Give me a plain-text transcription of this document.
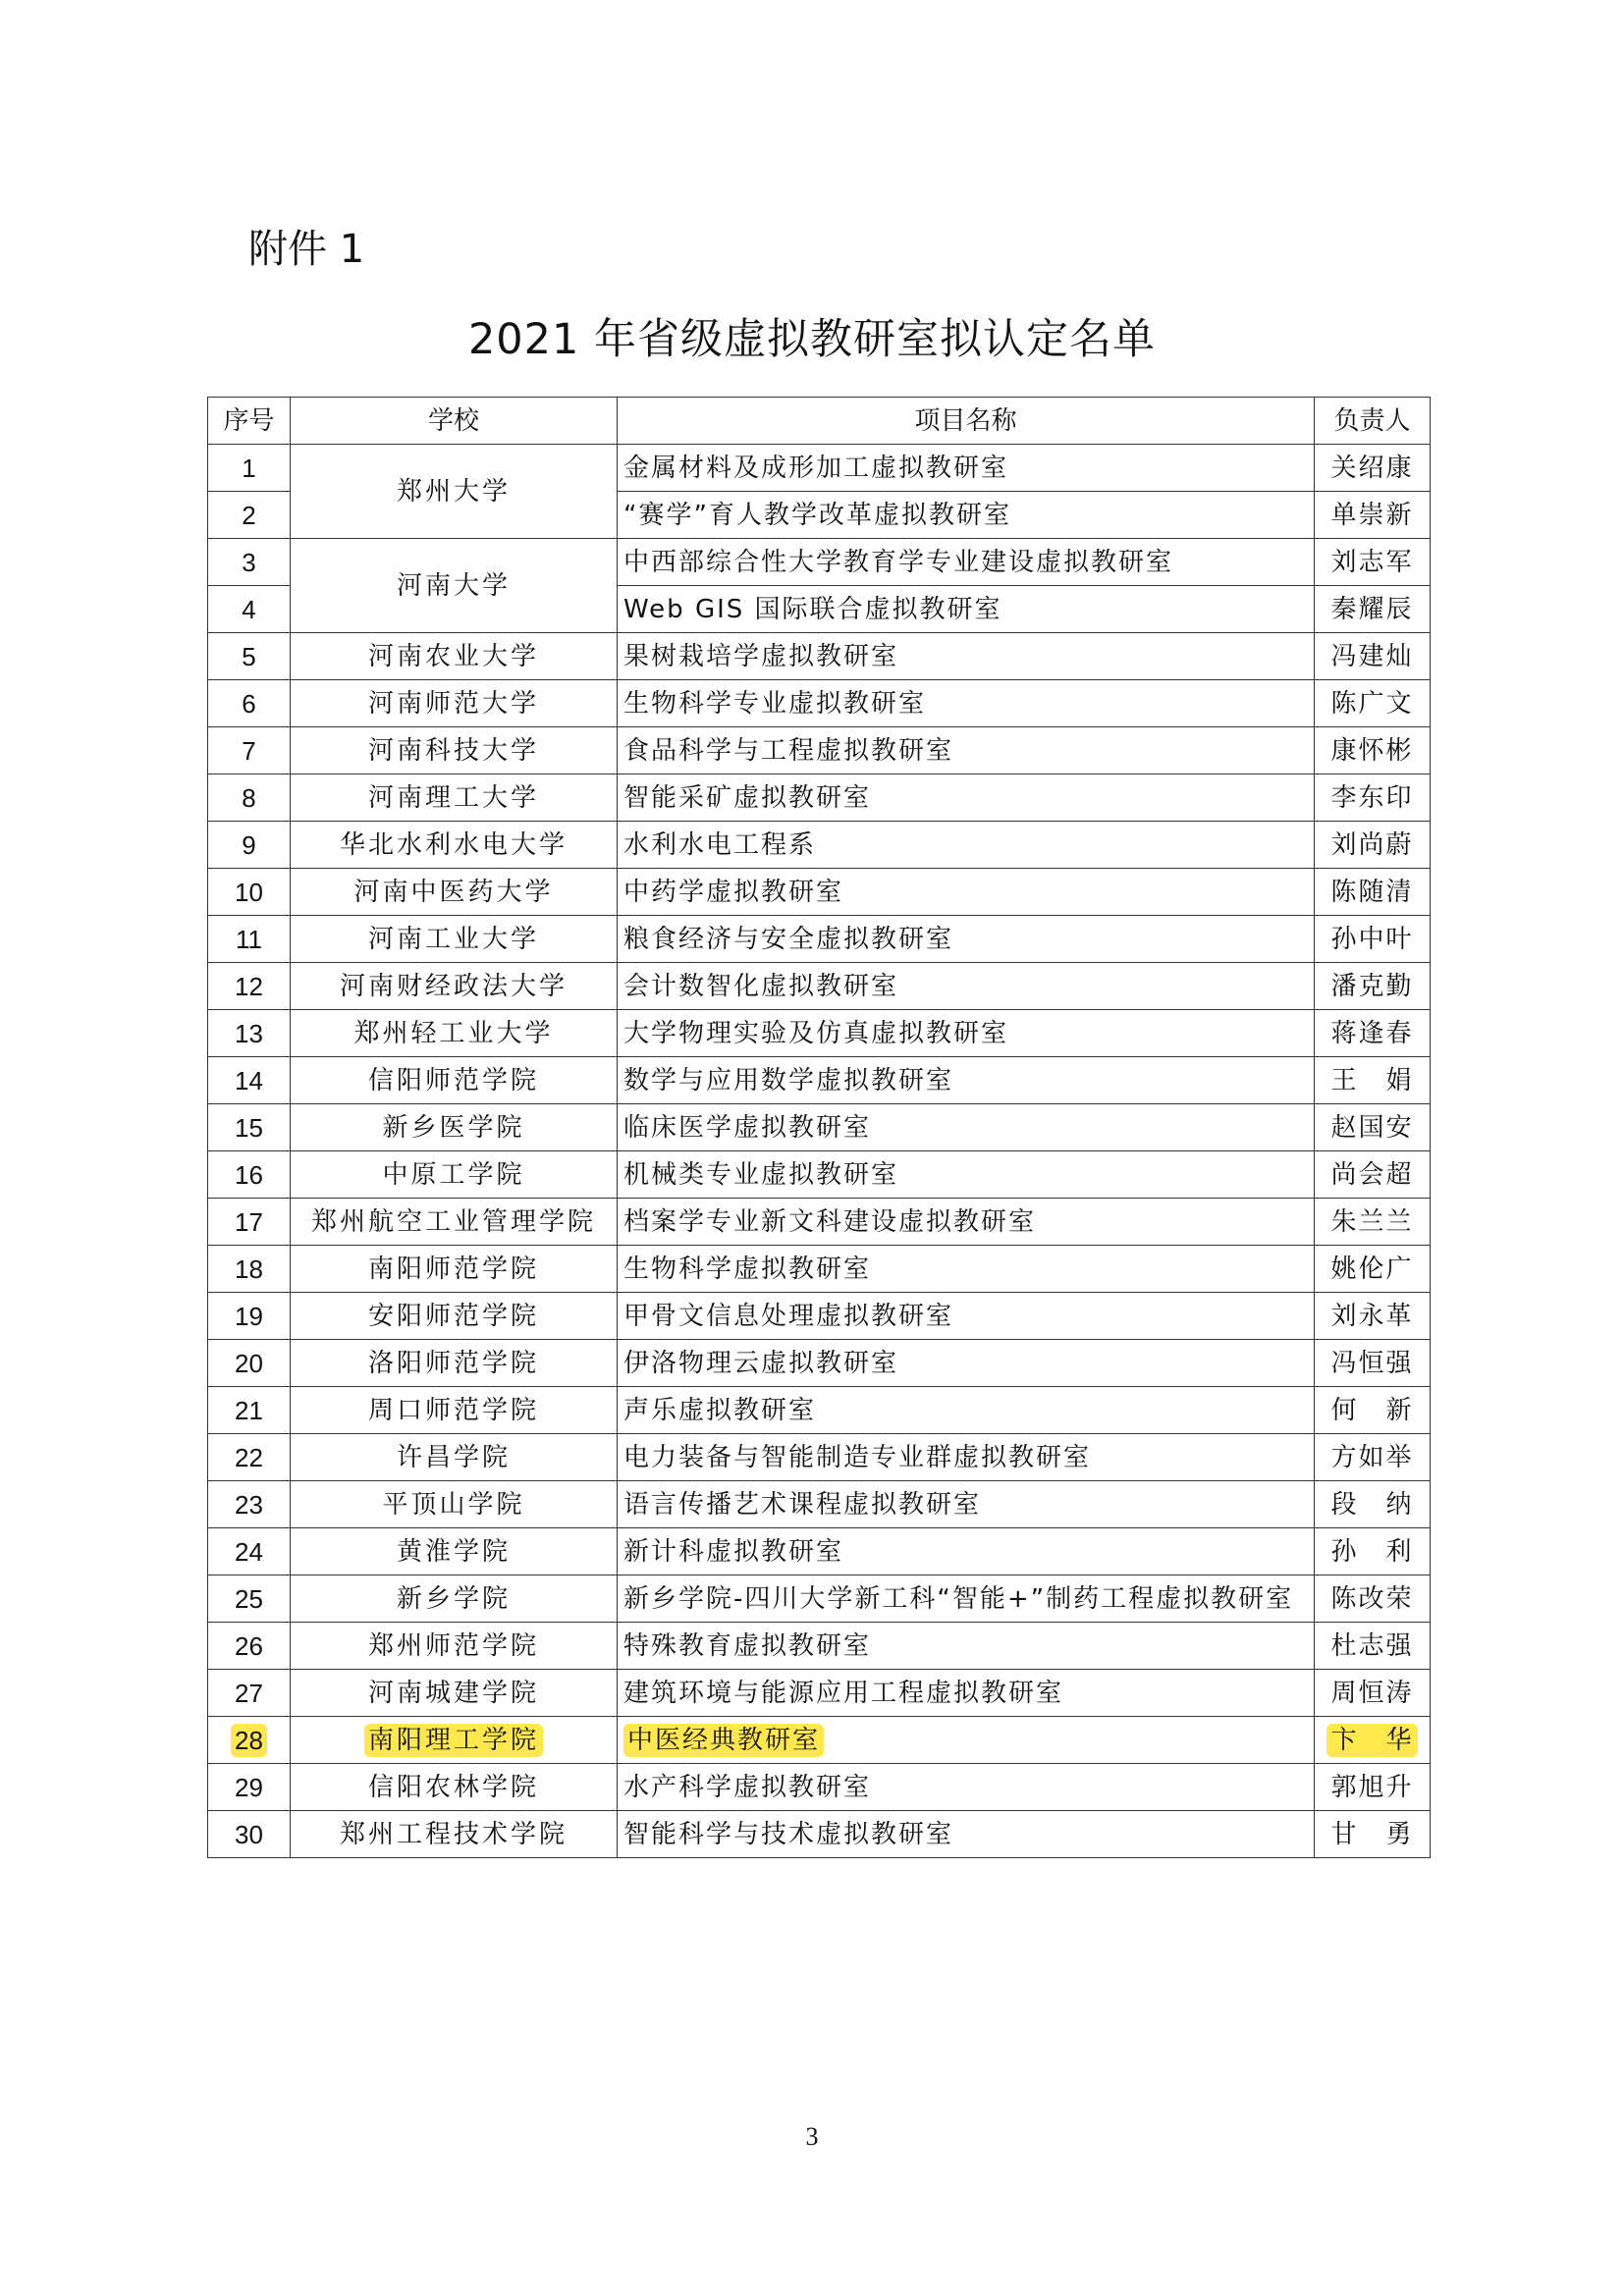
附件 1
2021 年省级虚拟教研室拟认定名单
序号	学校	项目名称	负责人
1	郑州大学	金属材料及成形加工虚拟教研室	关绍康
2		“赛学”育人教学改革虚拟教研室	单崇新
3	河南大学	中西部综合性大学教育学专业建设虚拟教研室	刘志军
4		Web GIS 国际联合虚拟教研室	秦耀辰
5	河南农业大学	果树栽培学虚拟教研室	冯建灿
6	河南师范大学	生物科学专业虚拟教研室	陈广文
7	河南科技大学	食品科学与工程虚拟教研室	康怀彬
8	河南理工大学	智能采矿虚拟教研室	李东印
9	华北水利水电大学	水利水电工程系	刘尚蔚
10	河南中医药大学	中药学虚拟教研室	陈随清
11	河南工业大学	粮食经济与安全虚拟教研室	孙中叶
12	河南财经政法大学	会计数智化虚拟教研室	潘克勤
13	郑州轻工业大学	大学物理实验及仿真虚拟教研室	蒋逢春
14	信阳师范学院	数学与应用数学虚拟教研室	王　娟
15	新乡医学院	临床医学虚拟教研室	赵国安
16	中原工学院	机械类专业虚拟教研室	尚会超
17	郑州航空工业管理学院	档案学专业新文科建设虚拟教研室	朱兰兰
18	南阳师范学院	生物科学虚拟教研室	姚伦广
19	安阳师范学院	甲骨文信息处理虚拟教研室	刘永革
20	洛阳师范学院	伊洛物理云虚拟教研室	冯恒强
21	周口师范学院	声乐虚拟教研室	何　新
22	许昌学院	电力装备与智能制造专业群虚拟教研室	方如举
23	平顶山学院	语言传播艺术课程虚拟教研室	段　纳
24	黄淮学院	新计科虚拟教研室	孙　利
25	新乡学院	新乡学院-四川大学新工科“智能+”制药工程虚拟教研室	陈改荣
26	郑州师范学院	特殊教育虚拟教研室	杜志强
27	河南城建学院	建筑环境与能源应用工程虚拟教研室	周恒涛
28	南阳理工学院	中医经典教研室	卞　华
29	信阳农林学院	水产科学虚拟教研室	郭旭升
30	郑州工程技术学院	智能科学与技术虚拟教研室	甘　勇
3
